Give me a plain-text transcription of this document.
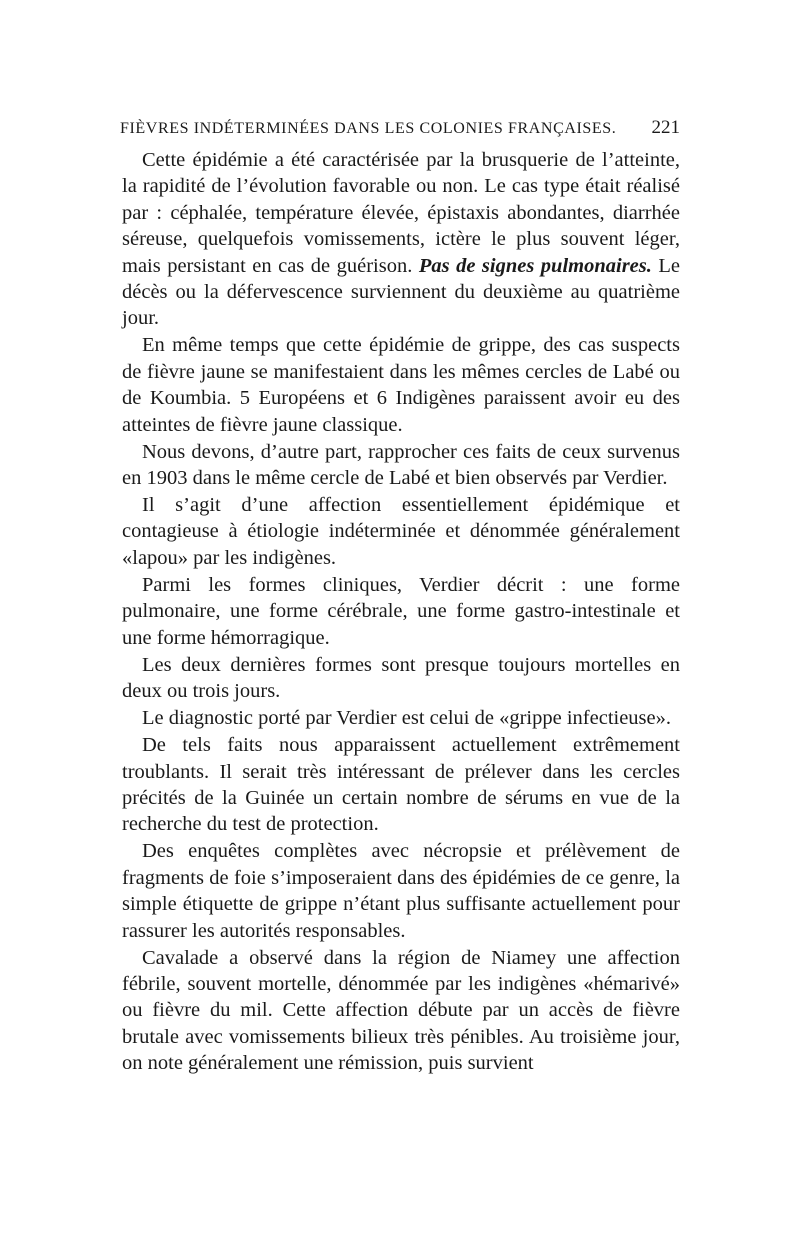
FIÈVRES INDÉTERMINÉES DANS LES COLONIES FRANÇAISES. 221

Cette épidémie a été caractérisée par la brusquerie de l’atteinte, la rapidité de l’évolution favorable ou non. Le cas type était réalisé par : céphalée, température élevée, épistaxis abondantes, diarrhée séreuse, quelquefois vomissements, ictère le plus souvent léger, mais persistant en cas de guérison. Pas de signes pulmonaires. Le décès ou la défervescence surviennent du deuxième au quatrième jour.

En même temps que cette épidémie de grippe, des cas suspects de fièvre jaune se manifestaient dans les mêmes cercles de Labé ou de Koumbia. 5 Européens et 6 Indigènes paraissent avoir eu des atteintes de fièvre jaune classique.

Nous devons, d’autre part, rapprocher ces faits de ceux survenus en 1903 dans le même cercle de Labé et bien observés par Verdier.

Il s’agit d’une affection essentiellement épidémique et contagieuse à étiologie indéterminée et dénommée généralement «lapou» par les indigènes.

Parmi les formes cliniques, Verdier décrit : une forme pulmonaire, une forme cérébrale, une forme gastro-intestinale et une forme hémorragique.

Les deux dernières formes sont presque toujours mortelles en deux ou trois jours.

Le diagnostic porté par Verdier est celui de «grippe infectieuse».

De tels faits nous apparaissent actuellement extrêmement troublants. Il serait très intéressant de prélever dans les cercles précités de la Guinée un certain nombre de sérums en vue de la recherche du test de protection.

Des enquêtes complètes avec nécropsie et prélèvement de fragments de foie s’imposeraient dans des épidémies de ce genre, la simple étiquette de grippe n’étant plus suffisante actuellement pour rassurer les autorités responsables.

Cavalade a observé dans la région de Niamey une affection fébrile, souvent mortelle, dénommée par les indigènes «hémarivé» ou fièvre du mil. Cette affection débute par un accès de fièvre brutale avec vomissements bilieux très pénibles. Au troisième jour, on note généralement une rémission, puis survient
